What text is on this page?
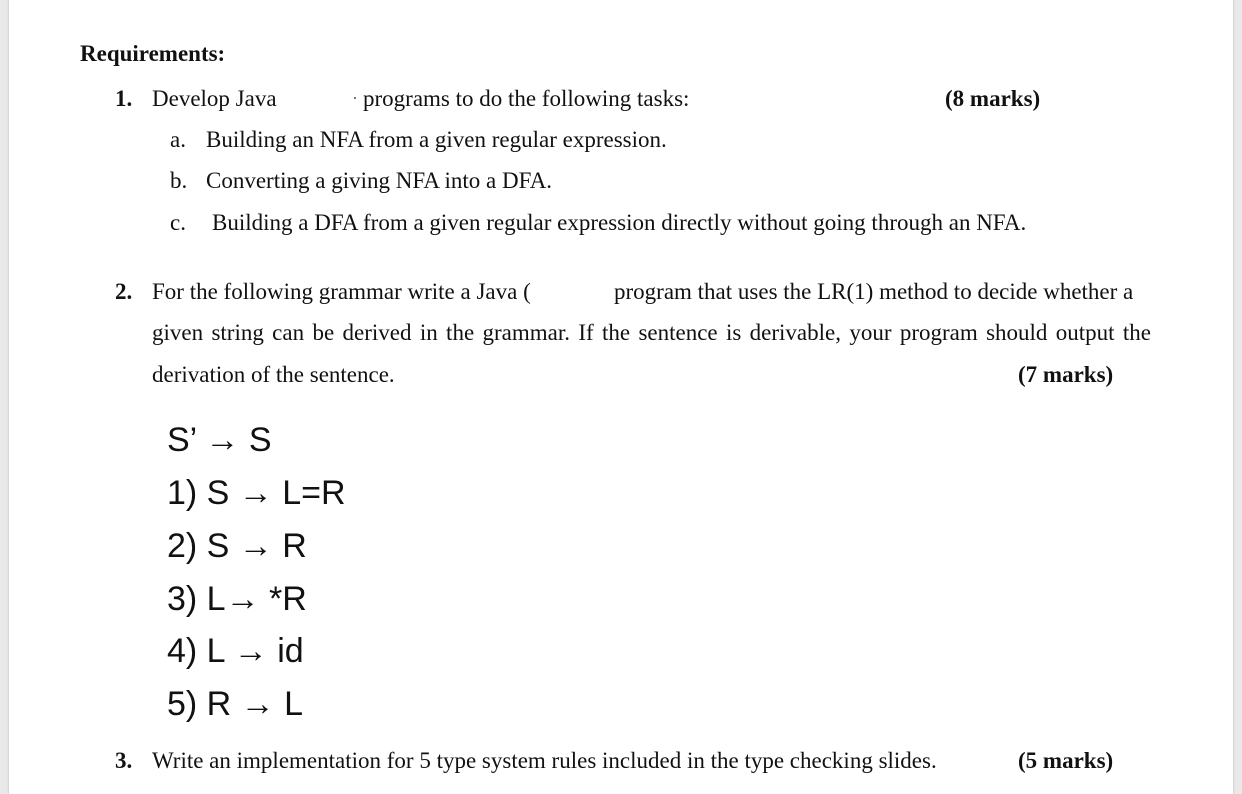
Requirements:
1. Develop Java	programs to do the following tasks:	(8 marks)
a. Building an NFA from a given regular expression.
b. Converting a giving NFA into a DFA.
c. Building a DFA from a given regular expression directly without going through an NFA.
2. For the following grammar write a Java (	program that uses the LR(1) method to decide whether a
given string can be derived in the grammar. If the sentence is derivable, your program should output the
derivation of the sentence.	(7 marks)
S’ → S
1) S → L=R
2) S → R
3) L→ *R
4) L → id
5) R → L
3. Write an implementation for 5 type system rules included in the type checking slides.	(5 marks)
